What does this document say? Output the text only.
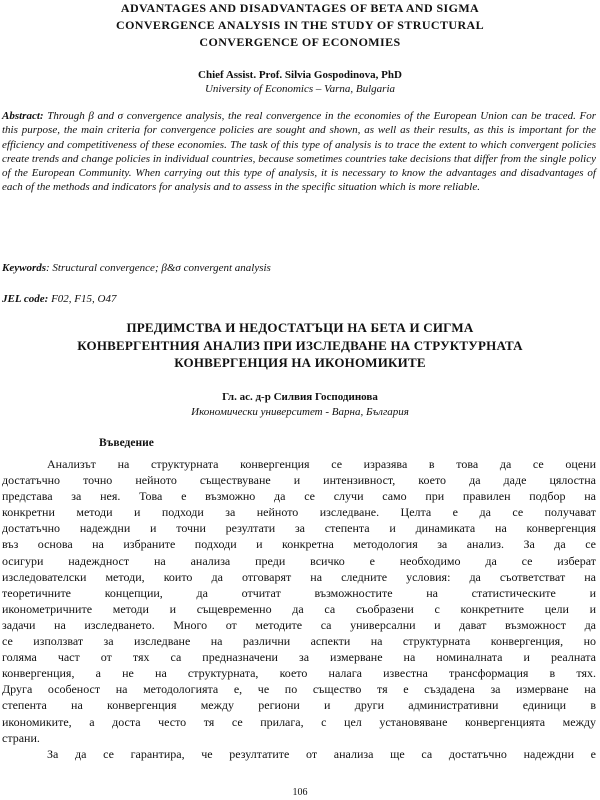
ADVANTAGES AND DISADVANTAGES OF BETA AND SIGMA
CONVERGENCE ANALYSIS IN THE STUDY OF STRUCTURAL
CONVERGENCE OF ECONOMIES
Chief Assist. Prof. Silvia Gospodinova, PhD
University of Economics – Varna, Bulgaria
Abstract: Through β and σ convergence analysis, the real convergence in the economies of the European Union can be traced. For this purpose, the main criteria for convergence policies are sought and shown, as well as their results, as this is important for the efficiency and competitiveness of these economies. The task of this type of analysis is to trace the extent to which convergent policies create trends and change policies in individual countries, because sometimes countries take decisions that differ from the single policy of the European Community. When carrying out this type of analysis, it is necessary to know the advantages and disadvantages of each of the methods and indicators for analysis and to assess in the specific situation which is more reliable.
Keywords: Structural convergence; β&σ convergent analysis
JEL code: F02, F15, O47
ПРЕДИМСТВА И НЕДОСТАТЪЦИ НА БЕТА И СИГМА
КОНВЕРГЕНТНИЯ АНАЛИЗ ПРИ ИЗСЛЕДВАНЕ НА СТРУКТУРНАТА
КОНВЕРГЕНЦИЯ НА ИКОНОМИКИТЕ
Гл. ас. д-р Силвия Господинова
Икономически университет - Варна, България
Въведение
Анализът на структурната конвергенция се изразява в това да се оцени
достатъчно точно нейното съществуване и интензивност, което да даде цялостна
представа за нея. Това е възможно да се случи само при правилен подбор на
конкретни методи и подходи за нейното изследване. Целта е да се получават
достатъчно надеждни и точни резултати за степента и динамиката на конвергенция
въз основа на избраните подходи и конкретна методология за анализ. За да се
осигури надеждност на анализа преди всичко е необходимо да се изберат
изследователски методи, които да отговарят на следните условия: да съответстват на
теоретичните концепции, да отчитат възможностите на статистическите и
иконометричните методи и същевременно да са съобразени с конкретните цели и
задачи на изследването. Много от методите са универсални и дават възможност да
се използват за изследване на различни аспекти на структурната конвергенция, но
голяма част от тях са предназначени за измерване на номиналната и реалната
конвергенция, а не на структурната, което налага известна трансформация в тях.
Друга особеност на методологията е, че по същество тя е създадена за измерване на
степента на конвергенция между региони и други административни единици в
икономиките, а доста често тя се прилага, с цел установяване конвергенцията между
страни.
За да се гарантира, че резултатите от анализа ще са достатъчно надеждни е
106
